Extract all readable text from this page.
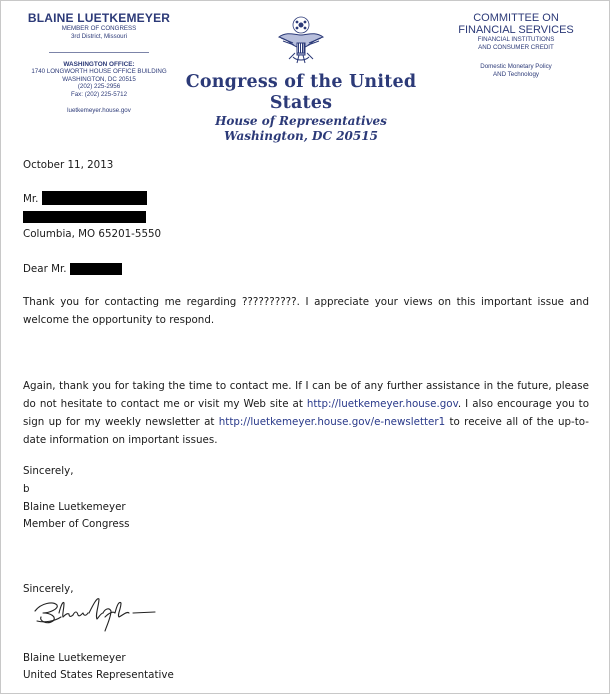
BLAINE LUETKEMEYER
MEMBER OF CONGRESS
3rd District, Missouri
WASHINGTON OFFICE:
1740 LONGWORTH HOUSE OFFICE BUILDING
WASHINGTON, DC 20515
(202) 225-2956
Fax: (202) 225-5712
luetkemeyer.house.gov
Congress of the United States
House of Representatives
Washington, DC 20515
COMMITTEE ON
FINANCIAL SERVICES
FINANCIAL INSTITUTIONS
AND CONSUMER CREDIT
Domestic Monetary Policy
AND Technology
October 11, 2013
Mr.
Columbia, MO 65201-5550
Dear Mr.
Thank you for contacting me regarding ??????????. I appreciate your views on this important issue and welcome the opportunity to respond.
Again, thank you for taking the time to contact me. If I can be of any further assistance in the future, please do not hesitate to contact me or visit my Web site at http://luetkemeyer.house.gov. I also encourage you to sign up for my weekly newsletter at http://luetkemeyer.house.gov/e-newsletter1 to receive all of the up-to-date information on important issues.
Sincerely,
b
Blaine Luetkemeyer
Member of Congress
Sincerely,
Blaine Luetkemeyer
United States Representative
